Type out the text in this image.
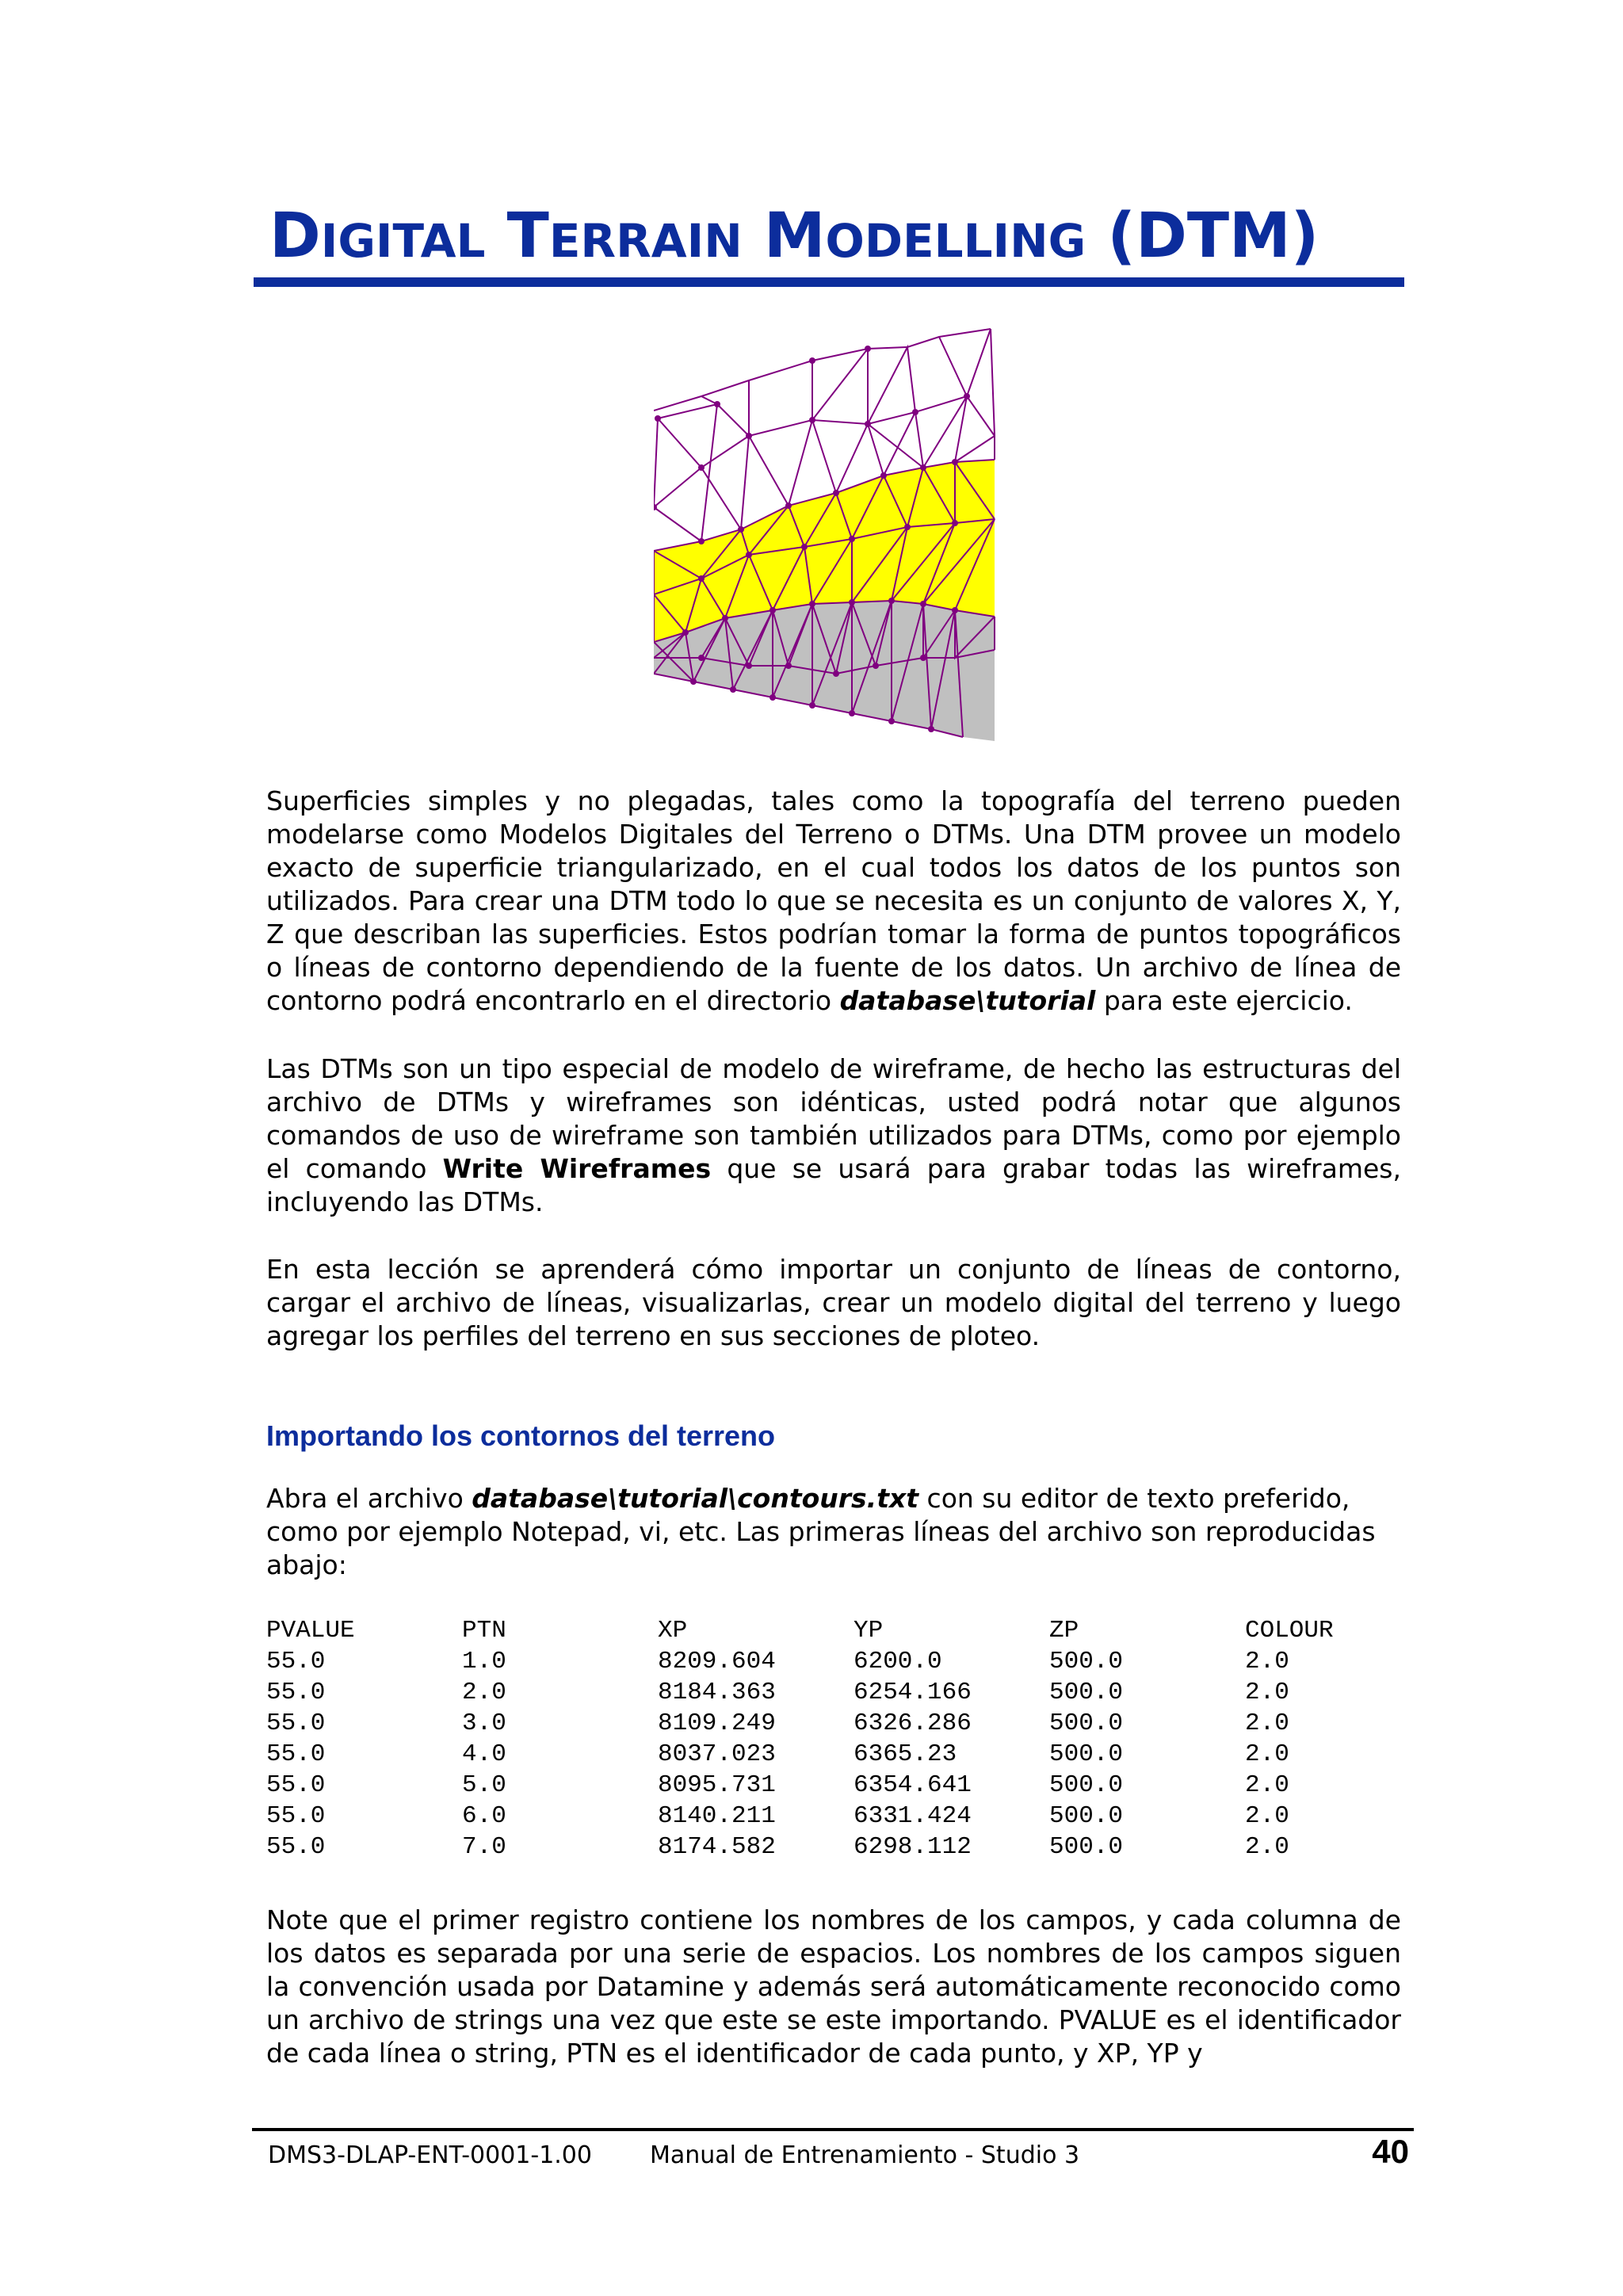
DIGITAL TERRAIN MODELLING (DTM)

Superficies simples y no plegadas, tales como la topografía del terreno pueden modelarse como Modelos Digitales del Terreno o DTMs. Una DTM provee un modelo exacto de superficie triangularizado, en el cual todos los datos de los puntos son utilizados. Para crear una DTM todo lo que se necesita es un conjunto de valores X, Y, Z que describan las superficies. Estos podrían tomar la forma de puntos topográficos o líneas de contorno dependiendo de la fuente de los datos. Un archivo de línea de contorno podrá encontrarlo en el directorio database\tutorial para este ejercicio.

Las DTMs son un tipo especial de modelo de wireframe, de hecho las estructuras del archivo de DTMs y wireframes son idénticas, usted podrá notar que algunos comandos de uso de wireframe son también utilizados para DTMs, como por ejemplo el comando Write Wireframes que se usará para grabar todas las wireframes, incluyendo las DTMs.

En esta lección se aprenderá cómo importar un conjunto de líneas de contorno, cargar el archivo de líneas, visualizarlas, crear un modelo digital del terreno y luego agregar los perfiles del terreno en sus secciones de ploteo.

Importando los contornos del terreno

Abra el archivo database\tutorial\contours.txt con su editor de texto preferido, como por ejemplo Notepad, vi, etc. Las primeras líneas del archivo son reproducidas abajo:

PVALUE	PTN	XP	YP	ZP	COLOUR
55.0	1.0	8209.604	6200.0	500.0	2.0
55.0	2.0	8184.363	6254.166	500.0	2.0
55.0	3.0	8109.249	6326.286	500.0	2.0
55.0	4.0	8037.023	6365.23	500.0	2.0
55.0	5.0	8095.731	6354.641	500.0	2.0
55.0	6.0	8140.211	6331.424	500.0	2.0
55.0	7.0	8174.582	6298.112	500.0	2.0

Note que el primer registro contiene los nombres de los campos, y cada columna de los datos es separada por una serie de espacios. Los nombres de los campos siguen la convención usada por Datamine y además será automáticamente reconocido como un archivo de strings una vez que este se este importando. PVALUE es el identificador de cada línea o string, PTN es el identificador de cada punto, y XP, YP y

DMS3-DLAP-ENT-0001-1.00 Manual de Entrenamiento - Studio 3	40
